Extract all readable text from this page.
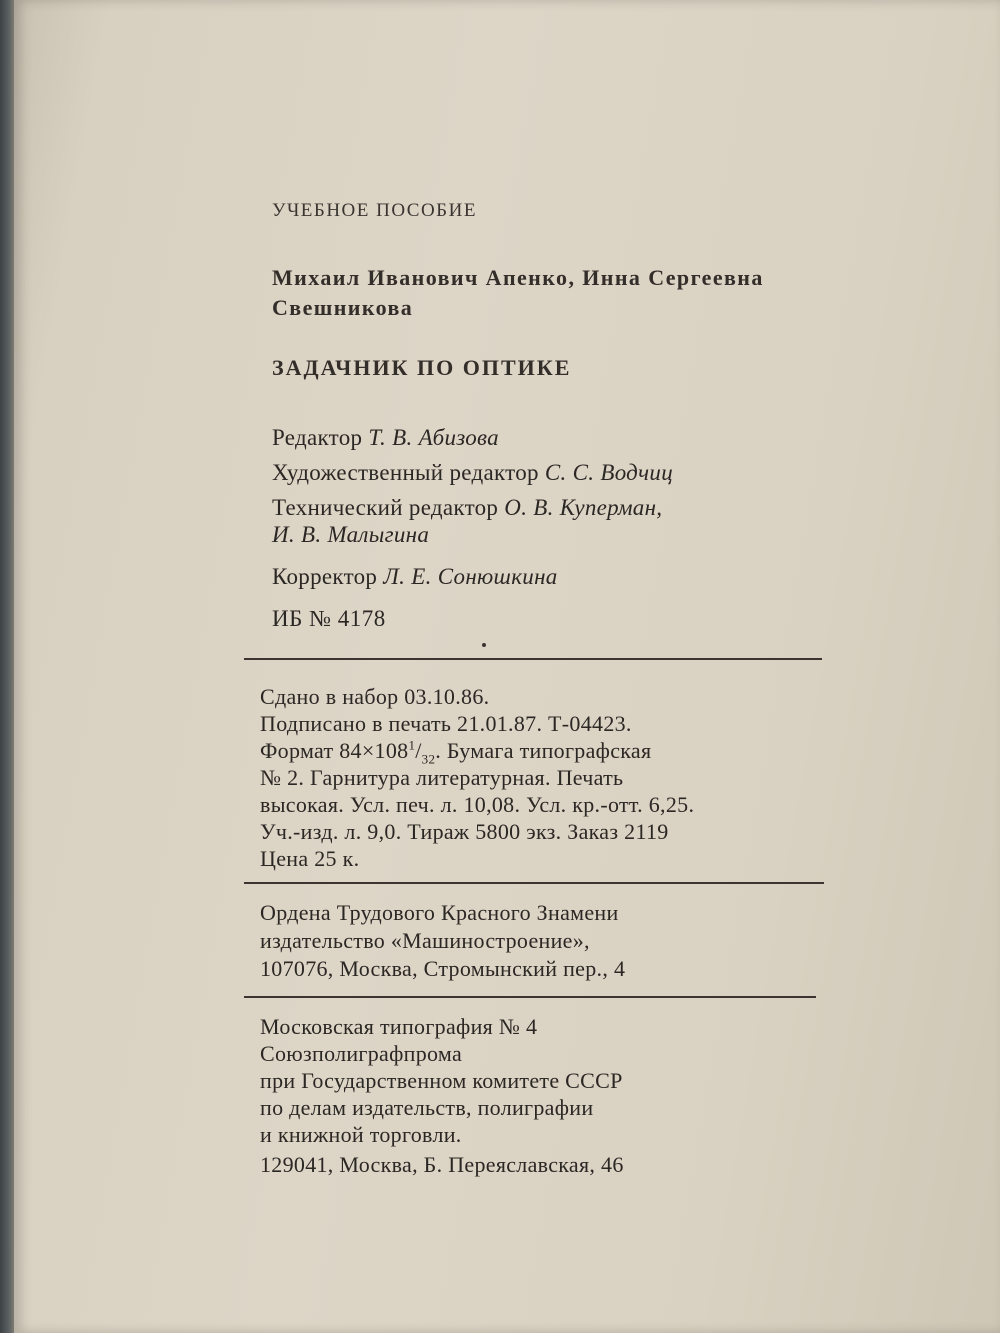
УЧЕБНОЕ ПОСОБИЕ
Михаил Иванович Апенко, Инна Сергеевна
Свешникова
ЗАДАЧНИК ПО ОПТИКЕ
Редактор Т. В. Абизова
Художественный редактор С. С. Водчиц
Технический редактор О. В. Куперман,
И. В. Малыгина
Корректор Л. Е. Сонюшкина
ИБ № 4178
Сдано в набор 03.10.86.
Подписано в печать 21.01.87. Т-04423.
Формат $84\times 108^1/_{32}$. Бумага типографская
№ 2. Гарнитура литературная. Печать
высокая. Усл. печ. л. 10,08. Усл. кр.-отт. 6,25.
Уч.-изд. л. 9,0. Тираж 5800 экз. Заказ 2119
Цена 25 к.
Ордена Трудового Красного Знамени
издательство «Машиностроение»,
107076, Москва, Стромынский пер., 4
Московская типография № 4
Союзполиграфпрома
при Государственном комитете СССР
по делам издательств, полиграфии
и книжной торговли.
129041, Москва, Б. Переяславская, 46
